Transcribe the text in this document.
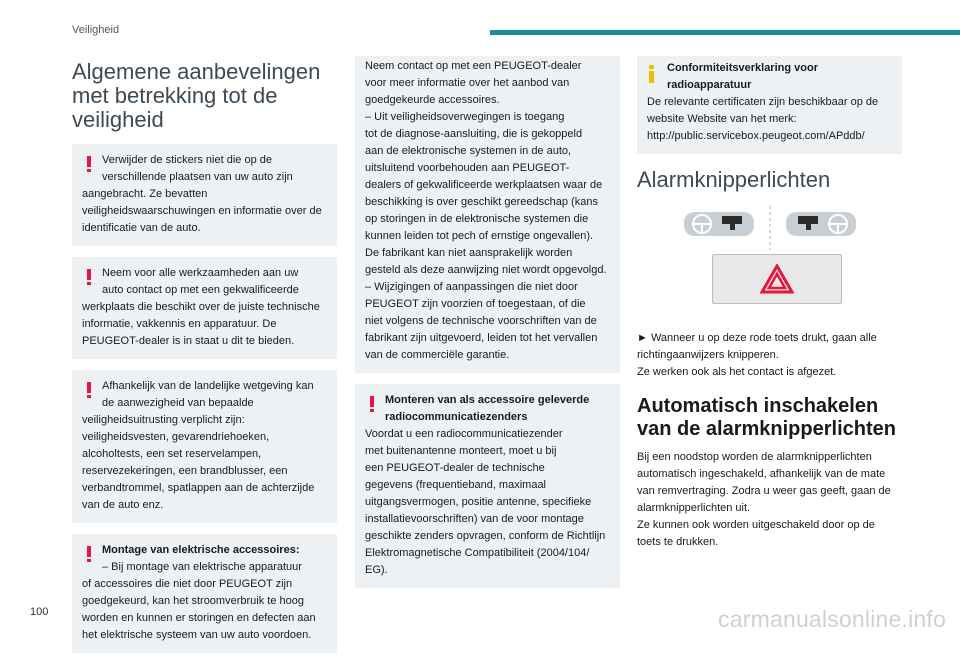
Veiligheid
Algemene aanbevelingen met betrekking tot de veiligheid

Verwijder de stickers niet die op de

verschillende plaatsen van uw auto zijn

aangebracht. Ze bevatten

veiligheidswaarschuwingen en informatie over de

identificatie van de auto.

Neem voor alle werkzaamheden aan uw

auto contact op met een gekwalificeerde

werkplaats die beschikt over de juiste technische

informatie, vakkennis en apparatuur. De

PEUGEOT-dealer is in staat u dit te bieden.

Afhankelijk van de landelijke wetgeving kan

de aanwezigheid van bepaalde

veiligheidsuitrusting verplicht zijn:

veiligheidsvesten, gevarendriehoeken,

alcoholtests, een set reservelampen,

reservezekeringen, een brandblusser, een

verbandtrommel, spatlappen aan de achterzijde

van de auto enz.

Montage van elektrische accessoires:

– Bij montage van elektrische apparatuur

of accessoires die niet door PEUGEOT zijn

goedgekeurd, kan het stroomverbruik te hoog

worden en kunnen er storingen en defecten aan

het elektrische systeem van uw auto voordoen.

Neem contact op met een PEUGEOT-dealer

voor meer informatie over het aanbod van

goedgekeurde accessoires.

– Uit veiligheidsoverwegingen is toegang

tot de diagnose-aansluiting, die is gekoppeld

aan de elektronische systemen in de auto,

uitsluitend voorbehouden aan PEUGEOT-

dealers of gekwalificeerde werkplaatsen waar de

beschikking is over geschikt gereedschap (kans

op storingen in de elektronische systemen die

kunnen leiden tot pech of ernstige ongevallen).

De fabrikant kan niet aansprakelijk worden

gesteld als deze aanwijzing niet wordt opgevolgd.

– Wijzigingen of aanpassingen die niet door

PEUGEOT zijn voorzien of toegestaan, of die

niet volgens de technische voorschriften van de

fabrikant zijn uitgevoerd, leiden tot het vervallen

van de commerciële garantie.

Monteren van als accessoire geleverde

radiocommunicatiezenders

Voordat u een radiocommunicatiezender

met buitenantenne monteert, moet u bij

een PEUGEOT-dealer de technische

gegevens (frequentieband, maximaal

uitgangsvermogen, positie antenne, specifieke

installatievoorschriften) van de voor montage

geschikte zenders opvragen, conform de Richtlijn

Elektromagnetische Compatibiliteit (2004/104/

EG).

Conformiteitsverklaring voor

radioapparatuur

De relevante certificaten zijn beschikbaar op de

website Website van het merk:

http://public.servicebox.peugeot.com/APddb/

Alarmknipperlichten

► Wanneer u op deze rode toets drukt, gaan alle

richtingaanwijzers knipperen.

Ze werken ook als het contact is afgezet.

Automatisch inschakelen van de alarmknipperlichten

Bij een noodstop worden de alarmknipperlichten

automatisch ingeschakeld, afhankelijk van de mate

van remvertraging. Zodra u weer gas geeft, gaan de

alarmknipperlichten uit.

Ze kunnen ook worden uitgeschakeld door op de

toets te drukken.

100	carmanualsonline.info
